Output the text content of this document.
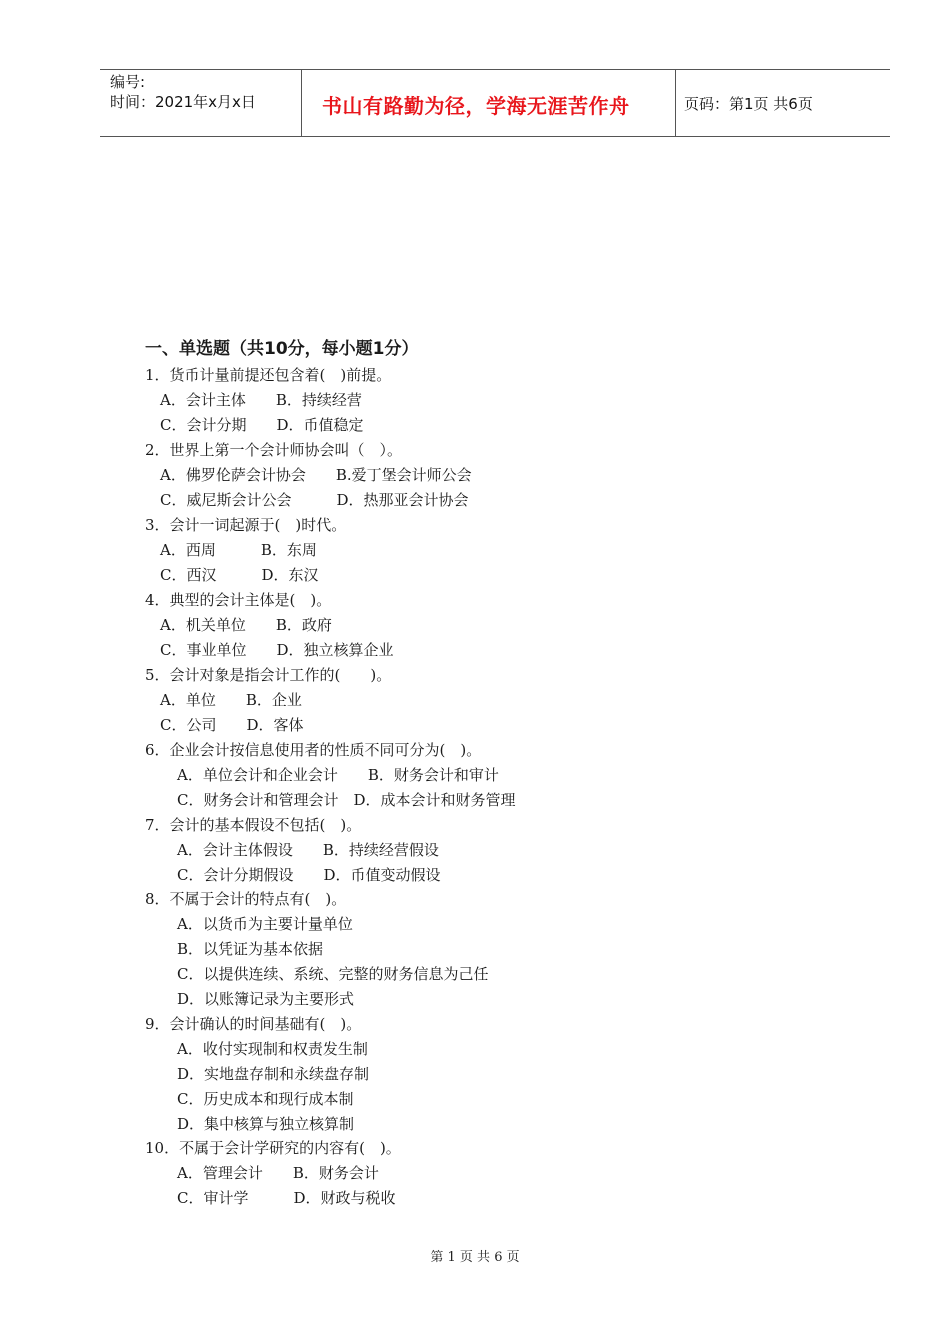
编号:
时间：2021年x月x日	书山有路勤为径，学海无涯苦作舟	页码：第1页 共6页
一、单选题（共10分，每小题1分）
1．货币计量前提还包含着(　)前提。
A．会计主体　　B．持续经营
C．会计分期　　D．币值稳定
2．世界上第一个会计师协会叫（　）。
A．佛罗伦萨会计协会　　B.爱丁堡会计师公会
C．威尼斯会计公会　　　D．热那亚会计协会
3．会计一词起源于(　)时代。
A．西周　　　B．东周
C．西汉　　　D．东汉
4．典型的会计主体是(　)。
A．机关单位　　B．政府
C．事业单位　　D．独立核算企业
5．会计对象是指会计工作的(　　)。
A．单位　　B．企业
C．公司　　D．客体
6．企业会计按信息使用者的性质不同可分为(　)。
A．单位会计和企业会计　　B．财务会计和审计
C．财务会计和管理会计　D．成本会计和财务管理
7．会计的基本假设不包括(　)。
A．会计主体假设　　B．持续经营假设
C．会计分期假设　　D．币值变动假设
8．不属于会计的特点有(　)。
A．以货币为主要计量单位
B．以凭证为基本依据
C．以提供连续、系统、完整的财务信息为己任
D．以账簿记录为主要形式
9．会计确认的时间基础有(　)。
A．收付实现制和权责发生制
D．实地盘存制和永续盘存制
C．历史成本和现行成本制
D．集中核算与独立核算制
10．不属于会计学研究的内容有(　)。
A．管理会计　　B．财务会计
C．审计学　　　D．财政与税收
第 1 页 共 6 页
